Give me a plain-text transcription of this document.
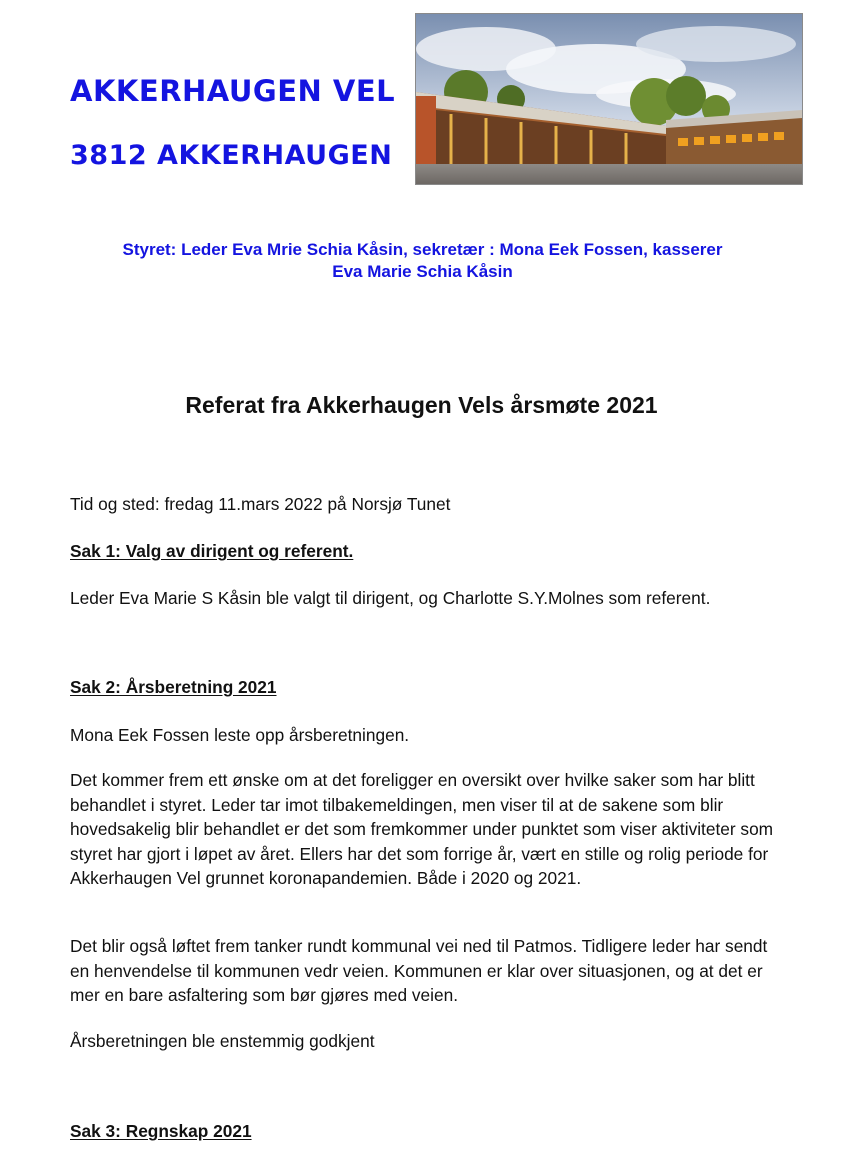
AKKERHAUGEN VEL
3812 AKKERHAUGEN

Styret: Leder Eva Mrie Schia Kåsin, sekretær : Mona Eek Fossen, kasserer
Eva Marie Schia Kåsin

Referat fra Akkerhaugen Vels årsmøte 2021

Tid og sted: fredag 11.mars 2022 på Norsjø Tunet

Sak 1: Valg av dirigent og referent.

Leder Eva Marie S Kåsin ble valgt til dirigent, og Charlotte S.Y.Molnes som referent.

Sak 2: Årsberetning 2021

Mona Eek Fossen leste opp årsberetningen.

Det kommer frem ett ønske om at det foreligger en oversikt over hvilke saker som har blitt behandlet i styret. Leder tar imot tilbakemeldingen, men viser til at de sakene som blir hovedsakelig blir behandlet er det som fremkommer under punktet som viser aktiviteter som styret har gjort i løpet av året. Ellers har det som forrige år, vært en stille og rolig periode for Akkerhaugen Vel grunnet koronapandemien. Både i 2020 og 2021.

Det blir også løftet frem tanker rundt kommunal vei ned til Patmos. Tidligere leder har sendt en henvendelse til kommunen vedr veien. Kommunen er klar over situasjonen, og at det er mer en bare asfaltering som bør gjøres med veien.

Årsberetningen ble enstemmig godkjent

Sak 3: Regnskap 2021
